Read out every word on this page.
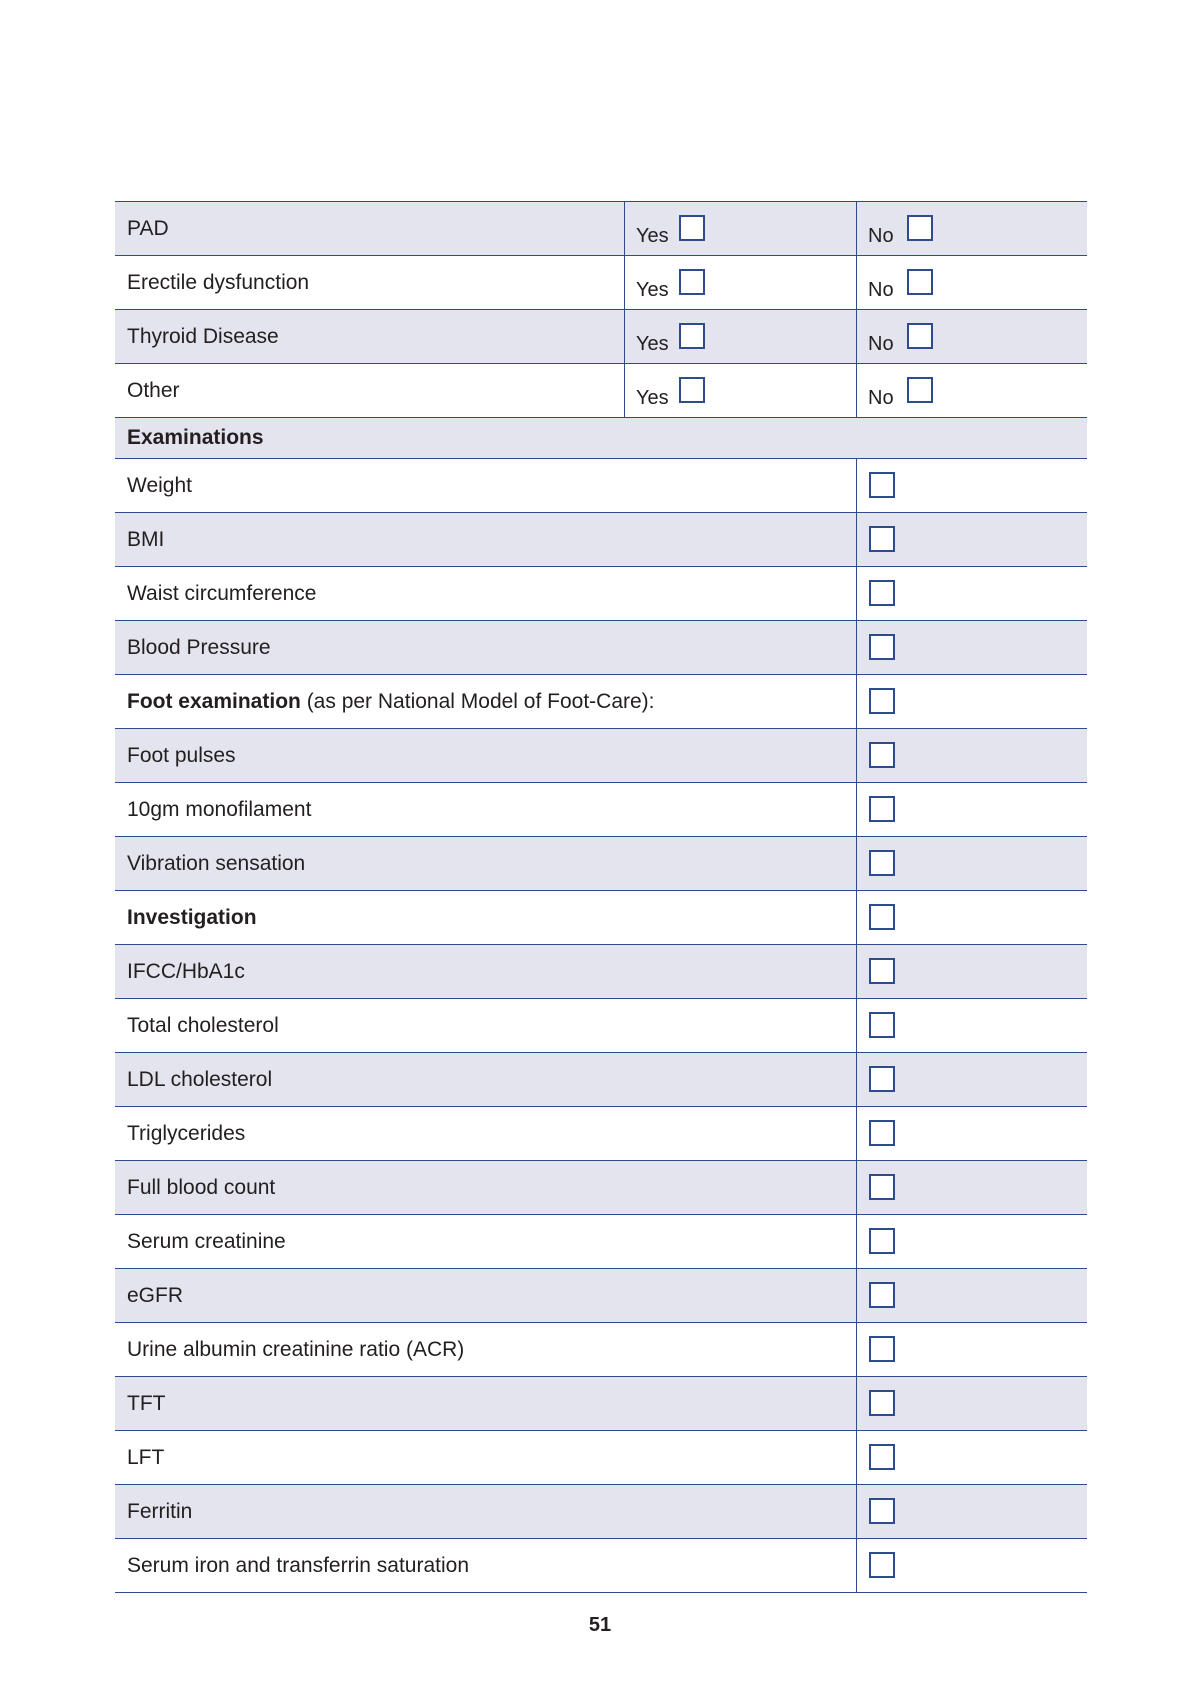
PAD	Yes	No
Erectile dysfunction	Yes	No
Thyroid Disease	Yes	No
Other	Yes	No
Examinations
Weight
BMI
Waist circumference
Blood Pressure
Foot examination (as per National Model of Foot-Care):
Foot pulses
10gm monofilament
Vibration sensation
Investigation
IFCC/HbA1c
Total cholesterol
LDL cholesterol
Triglycerides
Full blood count
Serum creatinine
eGFR
Urine albumin creatinine ratio (ACR)
TFT
LFT
Ferritin
Serum iron and transferrin saturation
51
